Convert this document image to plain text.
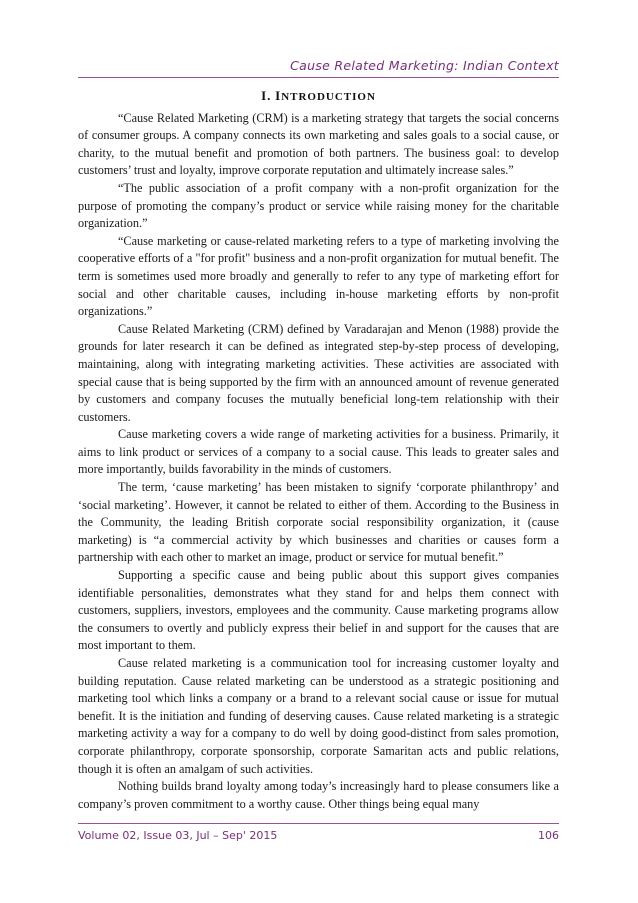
Cause Related Marketing: Indian Context
I. INTRODUCTION

“Cause Related Marketing (CRM) is a marketing strategy that targets the social concerns of consumer groups. A company connects its own marketing and sales goals to a social cause, or charity, to the mutual benefit and promotion of both partners. The business goal: to develop customers’ trust and loyalty, improve corporate reputation and ultimately increase sales.”

“The public association of a profit company with a non-profit organization for the purpose of promoting the company’s product or service while raising money for the charitable organization.”

“Cause marketing or cause-related marketing refers to a type of marketing involving the cooperative efforts of a "for profit" business and a non-profit organization for mutual benefit. The term is sometimes used more broadly and generally to refer to any type of marketing effort for social and other charitable causes, including in-house marketing efforts by non-profit organizations.”

Cause Related Marketing (CRM) defined by Varadarajan and Menon (1988) provide the grounds for later research it can be defined as integrated step-by-step process of developing, maintaining, along with integrating marketing activities. These activities are associated with special cause that is being supported by the firm with an announced amount of revenue generated by customers and company focuses the mutually beneficial long-tem relationship with their customers.

Cause marketing covers a wide range of marketing activities for a business. Primarily, it aims to link product or services of a company to a social cause. This leads to greater sales and more importantly, builds favorability in the minds of customers.

The term, ‘cause marketing’ has been mistaken to signify ‘corporate philanthropy’ and ‘social marketing’. However, it cannot be related to either of them. According to the Business in the Community, the leading British corporate social responsibility organization, it (cause marketing) is “a commercial activity by which businesses and charities or causes form a partnership with each other to market an image, product or service for mutual benefit.”

Supporting a specific cause and being public about this support gives companies identifiable personalities, demonstrates what they stand for and helps them connect with customers, suppliers, investors, employees and the community. Cause marketing programs allow the consumers to overtly and publicly express their belief in and support for the causes that are most important to them.

Cause related marketing is a communication tool for increasing customer loyalty and building reputation. Cause related marketing can be understood as a strategic positioning and marketing tool which links a company or a brand to a relevant social cause or issue for mutual benefit. It is the initiation and funding of deserving causes. Cause related marketing is a strategic marketing activity a way for a company to do well by doing good-distinct from sales promotion, corporate philanthropy, corporate sponsorship, corporate Samaritan acts and public relations, though it is often an amalgam of such activities.

Nothing builds brand loyalty among today’s increasingly hard to please consumers like a company’s proven commitment to a worthy cause. Other things being equal many

Volume 02, Issue 03, Jul – Sep' 2015	106
